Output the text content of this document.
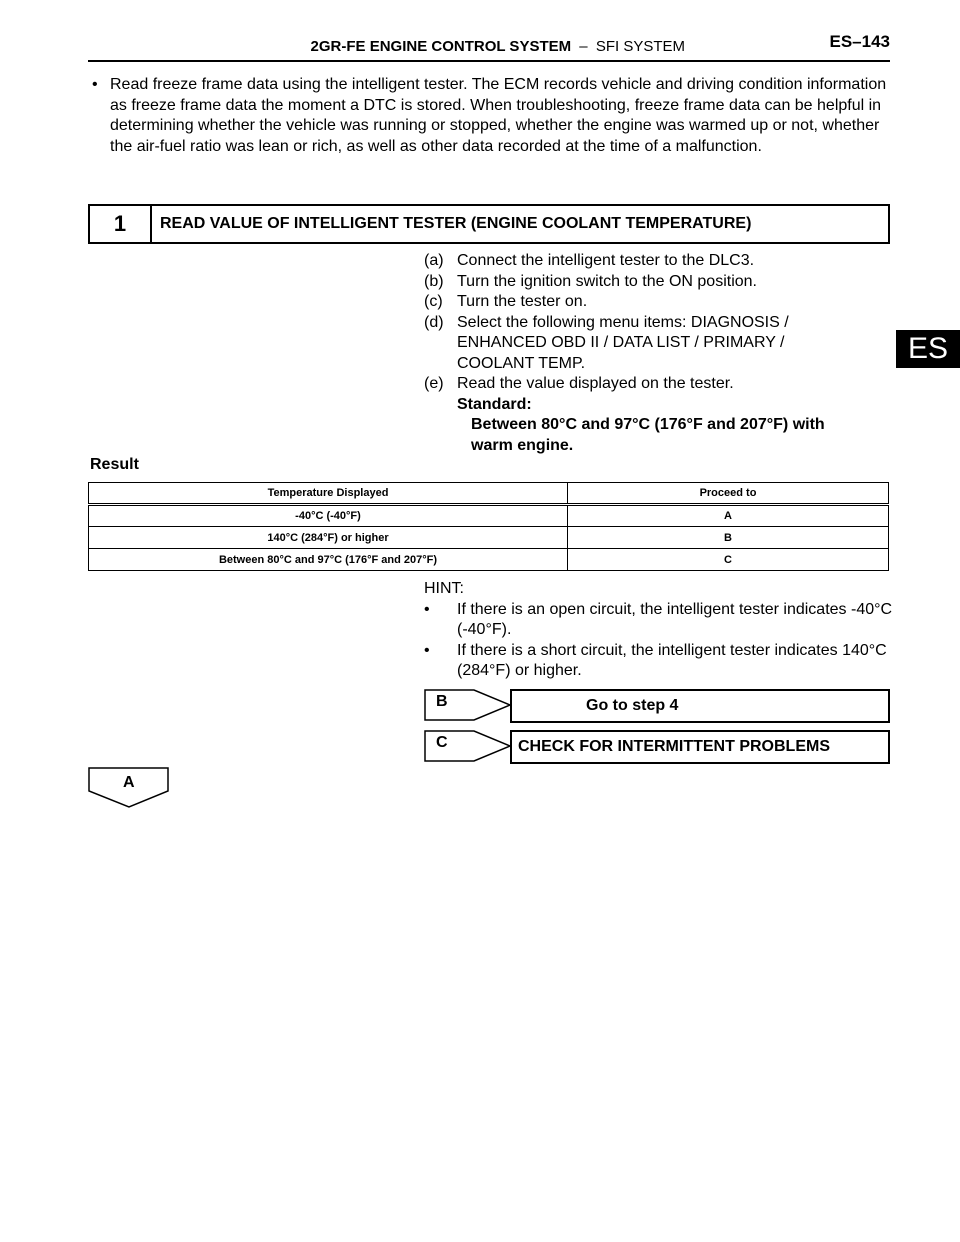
2GR-FE ENGINE CONTROL SYSTEM – SFI SYSTEM	ES–143
ES
• Read freeze frame data using the intelligent tester. The ECM records vehicle and driving condition information as freeze frame data the moment a DTC is stored. When troubleshooting, freeze frame data can be helpful in determining whether the vehicle was running or stopped, whether the engine was warmed up or not, whether the air-fuel ratio was lean or rich, as well as other data recorded at the time of a malfunction.
1	READ VALUE OF INTELLIGENT TESTER (ENGINE COOLANT TEMPERATURE)
(a) Connect the intelligent tester to the DLC3.
(b) Turn the ignition switch to the ON position.
(c) Turn the tester on.
(d) Select the following menu items: DIAGNOSIS / ENHANCED OBD II / DATA LIST / PRIMARY / COOLANT TEMP.
(e) Read the value displayed on the tester.
Standard:
Between 80°C and 97°C (176°F and 207°F) with warm engine.
Result
Temperature Displayed	Proceed to
-40°C (-40°F)	A
140°C (284°F) or higher	B
Between 80°C and 97°C (176°F and 207°F)	C
HINT:
• If there is an open circuit, the intelligent tester indicates -40°C (-40°F).
• If there is a short circuit, the intelligent tester indicates 140°C (284°F) or higher.
B	Go to step 4
C	CHECK FOR INTERMITTENT PROBLEMS
A
